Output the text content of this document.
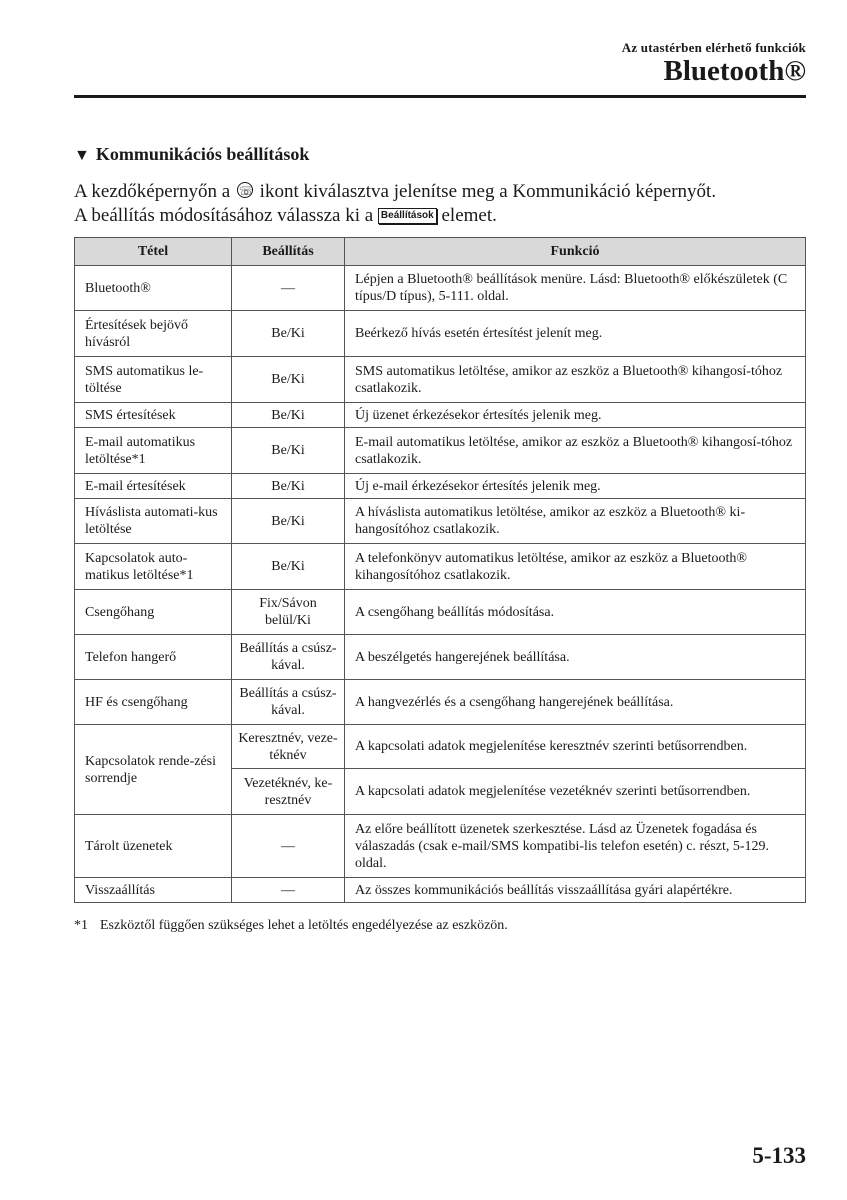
Az utastérben elérhető funkciók
Bluetooth®
▼ Kommunikációs beállítások
A kezdőképernyőn a ☏ ikont kiválasztva jelenítse meg a Kommunikáció képernyőt.
A beállítás módosításához válassza ki a Beállítások elemet.
Tétel	Beállítás	Funkció
Bluetooth®	—	Lépjen a Bluetooth® beállítások menüre. Lásd: Bluetooth® előkészületek (C típus/D típus), 5-111. oldal.
Értesítések bejövő hívásról	Be/Ki	Beérkező hívás esetén értesítést jelenít meg.
SMS automatikus le-töltése	Be/Ki	SMS automatikus letöltése, amikor az eszköz a Bluetooth® kihangosí-tóhoz csatlakozik.
SMS értesítések	Be/Ki	Új üzenet érkezésekor értesítés jelenik meg.
E-mail automatikus letöltése*1	Be/Ki	E-mail automatikus letöltése, amikor az eszköz a Bluetooth® kihangosí-tóhoz csatlakozik.
E-mail értesítések	Be/Ki	Új e-mail érkezésekor értesítés jelenik meg.
Híváslista automati-kus letöltése	Be/Ki	A híváslista automatikus letöltése, amikor az eszköz a Bluetooth® ki-hangosítóhoz csatlakozik.
Kapcsolatok auto-matikus letöltése*1	Be/Ki	A telefonkönyv automatikus letöltése, amikor az eszköz a Bluetooth® kihangosítóhoz csatlakozik.
Csengőhang	Fix/Sávon belül/Ki	A csengőhang beállítás módosítása.
Telefon hangerő	Beállítás a csúsz-kával.	A beszélgetés hangerejének beállítása.
HF és csengőhang	Beállítás a csúsz-kával.	A hangvezérlés és a csengőhang hangerejének beállítása.
Kapcsolatok rende-zési sorrendje	Keresztnév, veze-téknév	A kapcsolati adatok megjelenítése keresztnév szerinti betűsorrendben.
	Vezetéknév, ke-resztnév	A kapcsolati adatok megjelenítése vezetéknév szerinti betűsorrendben.
Tárolt üzenetek	—	Az előre beállított üzenetek szerkesztése. Lásd az Üzenetek fogadása és válaszadás (csak e-mail/SMS kompatibi-lis telefon esetén) c. részt, 5-129. oldal.
Visszaállítás	—	Az összes kommunikációs beállítás visszaállítása gyári alapértékre.
*1 Eszköztől függően szükséges lehet a letöltés engedélyezése az eszközön.
5-133
